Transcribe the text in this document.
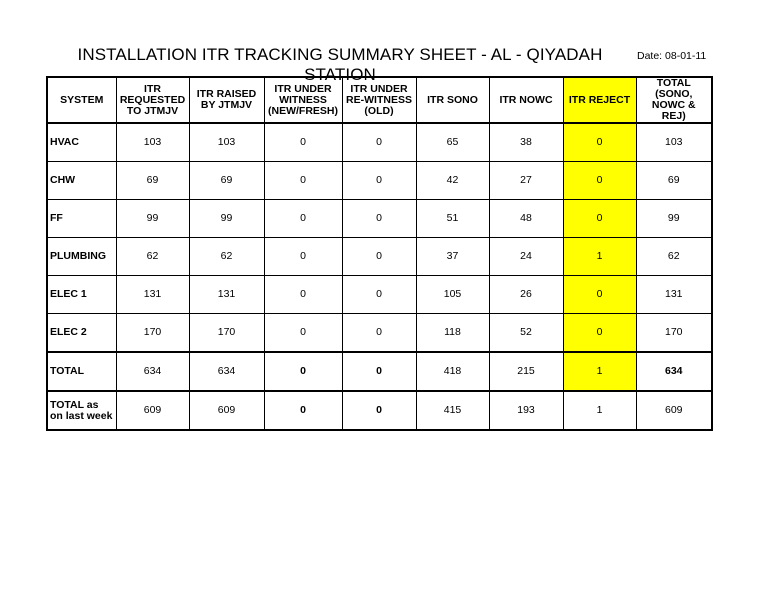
INSTALLATION ITR TRACKING SUMMARY SHEET - AL - QIYADAH STATION
Date: 08-01-11
SYSTEM	ITR REQUESTED TO JTMJV	ITR RAISED BY JTMJV	ITR UNDER WITNESS (NEW/FRESH)	ITR UNDER RE-WITNESS (OLD)	ITR SONO	ITR NOWC	ITR REJECT	TOTAL (SONO, NOWC & REJ)
HVAC	103	103	0	0	65	38	0	103
CHW	69	69	0	0	42	27	0	69
FF	99	99	0	0	51	48	0	99
PLUMBING	62	62	0	0	37	24	1	62
ELEC 1	131	131	0	0	105	26	0	131
ELEC 2	170	170	0	0	118	52	0	170
TOTAL	634	634	0	0	418	215	1	634
TOTAL as on last week	609	609	0	0	415	193	1	609
